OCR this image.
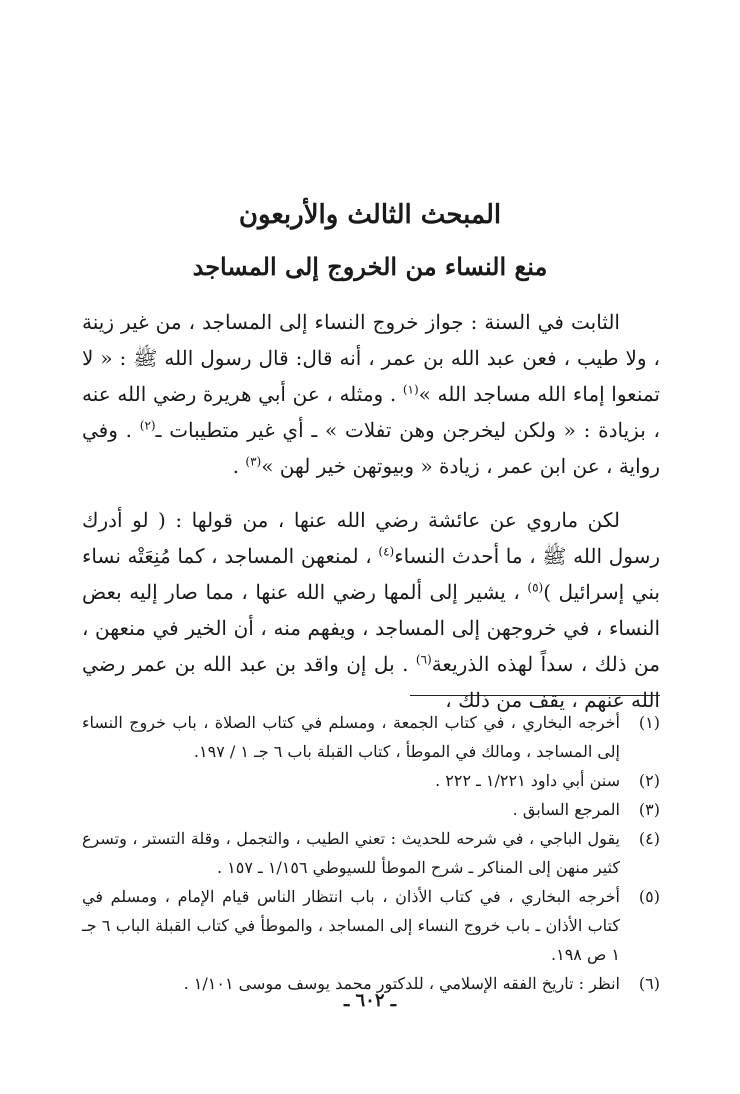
المبحث الثالث والأربعون
منع النساء من الخروج إلى المساجد

الثابت في السنة : جواز خروج النساء إلى المساجد ، من غير زينة ، ولا طيب ، فعن عبد الله بن عمر ، أنه قال: قال رسول الله ﷺ : « لا تمنعوا إماء الله مساجد الله »$^{(١)}$ . ومثله ، عن أبي هريرة رضي الله عنه ، بزيادة : « ولكن ليخرجن وهن تفلات » ـ أي غير متطيبات ـ$^{(٢)}$ . وفي رواية ، عن ابن عمر ، زيادة « وبيوتهن خير لهن »$^{(٣)}$ .

لكن ماروي عن عائشة رضي الله عنها ، من قولها : ( لو أدرك رسول الله ﷺ ، ما أحدث النساء$^{(٤)}$ ، لمنعهن المساجد ، كما مُنِعَتْه نساء بني إسرائيل )$^{(٥)}$ ، يشير إلى ألمها رضي الله عنها ، مما صار إليه بعض النساء ، في خروجهن إلى المساجد ، ويفهم منه ، أن الخير في منعهن ، من ذلك ، سداً لهذه الذريعة$^{(٦)}$ . بل إن واقد بن عبد الله بن عمر رضي الله عنهم ، يقف من ذلك ،

(١)
أخرجه البخاري ، في كتاب الجمعة ، ومسلم في كتاب الصلاة ، باب خروج النساء إلى المساجد ، ومالك في الموطأ ، كتاب القبلة باب ٦ جـ ١ / ١٩٧.
(٢)
سنن أبي داود ١/٢٢١ ـ ٢٢٢ .
(٣)
المرجع السابق .
(٤)
يقول الباجي ، في شرحه للحديث : تعني الطيب ، والتجمل ، وقلة التستر ، وتسرع كثير منهن إلى المناكر ـ شرح الموطأ للسيوطي ١/١٥٦ ـ ١٥٧ .
(٥)
أخرجه البخاري ، في كتاب الأذان ، باب انتظار الناس قيام الإمام ، ومسلم في كتاب الأذان ـ باب خروج النساء إلى المساجد ، والموطأ في كتاب القبلة الباب ٦ جـ ١ ص ١٩٨.
(٦)
انظر : تاريخ الفقه الإسلامي ، للدكتور محمد يوسف موسى ١/١٠١ .
ـ ٦٠٢ ـ
